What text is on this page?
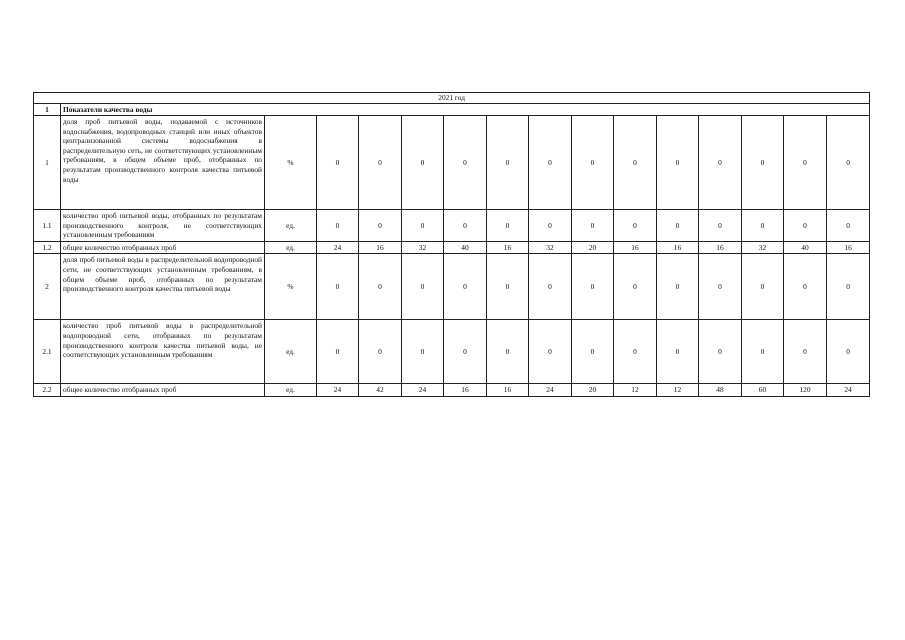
2021 год															
1	Показатели качества воды														
1	доля проб питьевой воды, подаваемой с источников водоснабжения, водопроводных станций или иных объектов централизованной системы водоснабжения в распределительную сеть, не соответствующих установленным требованиям, в общем объеме проб, отобранных по результатам производственного контроля качества питьевой воды	%	0	0	0	0	0	0	0	0	0	0	0	0	0
1.1	количество проб питьевой воды, отобранных по результатам производственного контроля, не соответствующих установленным требованиям	ед.	0	0	0	0	0	0	0	0	0	0	0	0	0
1.2	общее количество отобранных проб	ед.	24	16	32	40	16	32	20	16	16	16	32	40	16
2	доля проб питьевой воды в распределительной водопроводной сети, не соответствующих установленным требованиям, в общем объеме проб, отобранных по результатам производственного контроля качества питьевой воды	%	0	0	0	0	0	0	0	0	0	0	0	0	0
2.1	количество проб питьевой воды в распределительной водопроводной сети, отобранных по результатам производственного контроля качества питьевой воды, не соответствующих установленным требованиям	ед.	0	0	0	0	0	0	0	0	0	0	0	0	0
2.2	общее количество отобранных проб	ед.	24	42	24	16	16	24	20	12	12	48	60	120	24
